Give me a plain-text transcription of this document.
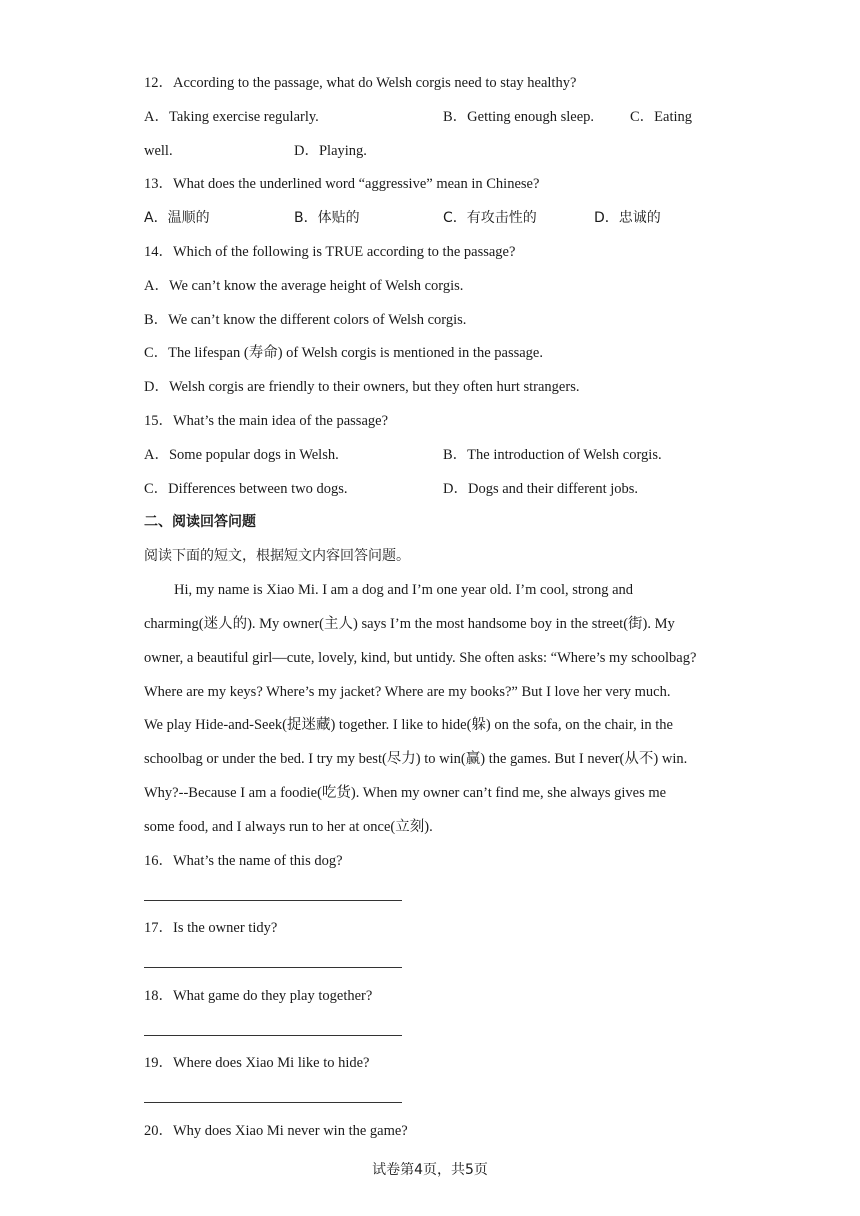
12．According to the passage, what do Welsh corgis need to stay healthy?
A．Taking exercise regularly.	B．Getting enough sleep. C．Eating
well.	D．Playing.
13．What does the underlined word “aggressive” mean in Chinese?
A．温顺的	B．体贴的	C．有攻击性的	D．忠诚的
14．Which of the following is TRUE according to the passage?
A．We can’t know the average height of Welsh corgis.
B．We can’t know the different colors of Welsh corgis.
C．The lifespan (寿命) of Welsh corgis is mentioned in the passage.
D．Welsh corgis are friendly to their owners, but they often hurt strangers.
15．What’s the main idea of the passage?
A．Some popular dogs in Welsh.	B．The introduction of Welsh corgis.
C．Differences between two dogs.	D．Dogs and their different jobs.
二、阅读回答问题
阅读下面的短文，根据短文内容回答问题。
Hi, my name is Xiao Mi. I am a dog and I’m one year old. I’m cool, strong and
charming(迷人的). My owner(主人) says I’m the most handsome boy in the street(街). My
owner, a beautiful girl—cute, lovely, kind, but untidy. She often asks: “Where’s my schoolbag?
Where are my keys? Where’s my jacket? Where are my books?” But I love her very much.
We play Hide-and-Seek(捉迷藏) together. I like to hide(躲) on the sofa, on the chair, in the
schoolbag or under the bed. I try my best(尽力) to win(赢) the games. But I never(从不) win.
Why?--Because I am a foodie(吃货). When my owner can’t find me, she always gives me
some food, and I always run to her at once(立刻).
16．What’s the name of this dog?
17．Is the owner tidy?
18．What game do they play together?
19．Where does Xiao Mi like to hide?
20．Why does Xiao Mi never win the game?
试卷第4页，共5页
